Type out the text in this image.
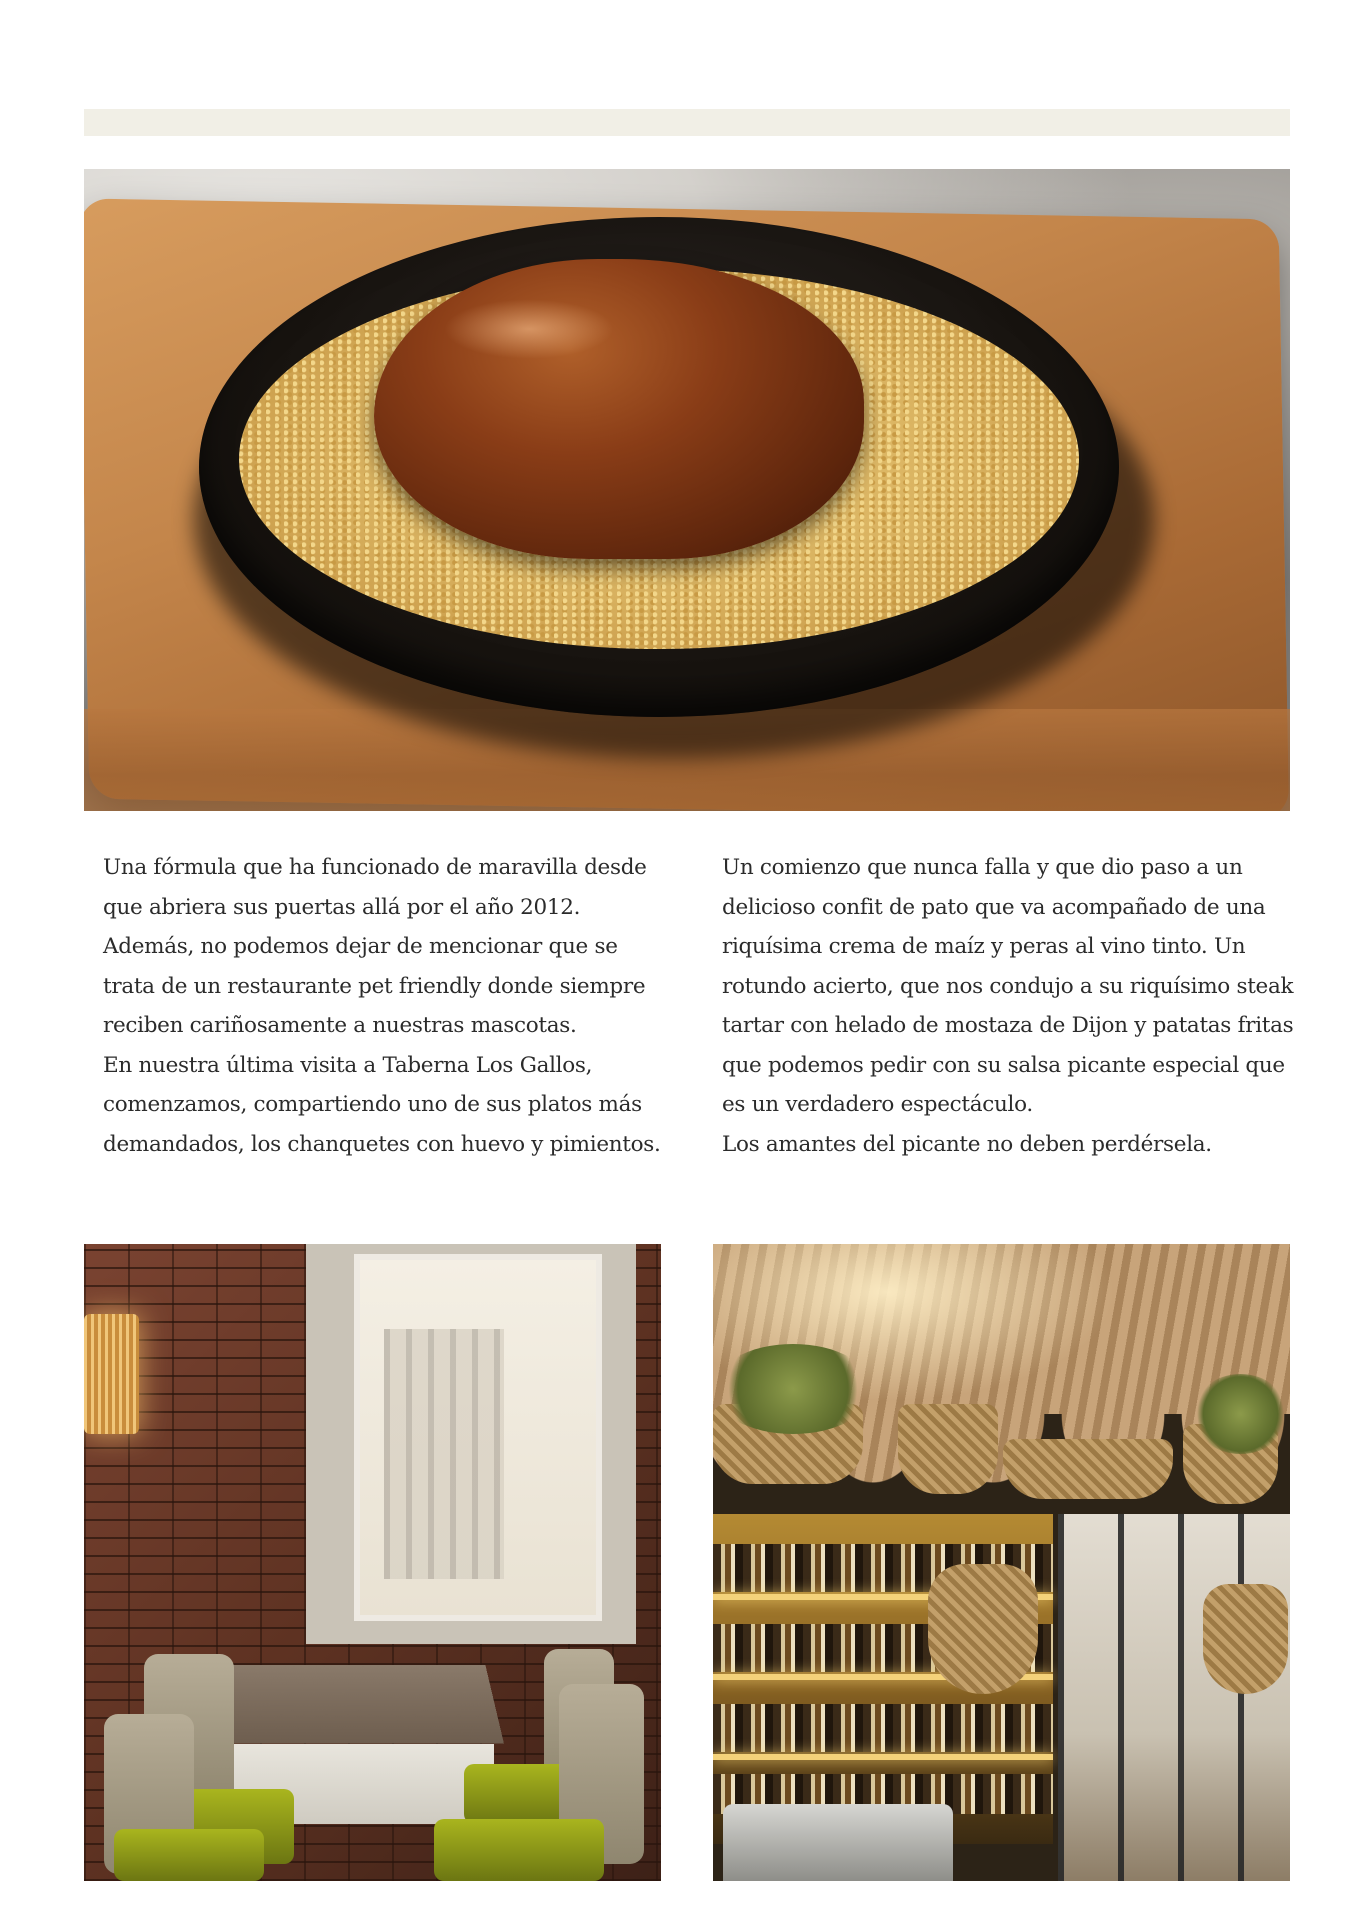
Una fórmula que ha funcionado de maravilla desde que abriera sus puertas allá por el año 2012. Además, no podemos dejar de mencionar que se trata de un restaurante pet friendly donde siempre reciben cariñosamente a nuestras mascotas.

En nuestra última visita a Taberna Los Gallos, comenzamos, compartiendo uno de sus platos más demandados, los chanquetes con huevo y pimientos.

Un comienzo que nunca falla y que dio paso a un delicioso confit de pato que va acompañado de una riquísima crema de maíz y peras al vino tinto. Un rotundo acierto, que nos condujo a su riquísimo steak tartar con helado de mostaza de Dijon y patatas fritas que podemos pedir con su salsa picante especial que es un verdadero espectáculo.

Los amantes del picante no deben perdérsela.
